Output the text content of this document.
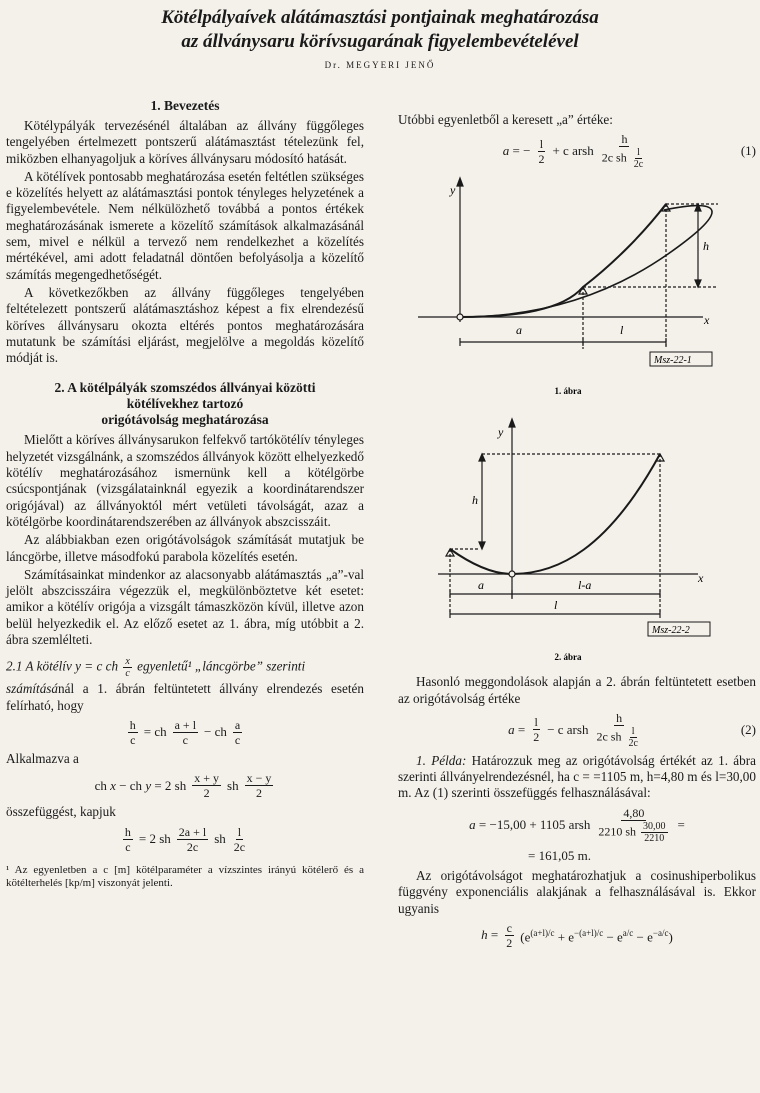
Kötélpályaívek alátámasztási pontjainak meghatározása
az állványsaru körívsugarának figyelembevételével
Dr. MEGYERI JENŐ
1. Bevezetés

Kötélypályák tervezésénél általában az állvány függőleges tengelyében értelmezett pontszerű alátámasztást tételezünk fel, miközben elhanyagoljuk a köríves állványsaru módosító hatását.

A kötélívek pontosabb meghatározása esetén feltétlen szükséges e közelítés helyett az alátámasztási pontok tényleges helyzetének a figyelembevétele. Nem nélkülözhető továbbá a pontos értékek meghatározásának ismerete a közelítő számítások alkalmazásánál sem, mivel e nélkül a tervező nem rendelkezhet a közelítés mértékével, ami adott feladatnál döntően befolyásolja a közelítő számítás megengedhetőségét.

A következőkben az állvány függőleges tengelyében feltételezett pontszerű alátámasztáshoz képest a fix elrendezésű köríves állványsaru okozta eltérés pontos meghatározására mutatunk be számítási eljárást, megjelölve a megoldás közelítő módját is.

2. A kötélpályák szomszédos állványai közötti
kötélívekhez tartozó
origótávolság meghatározása

Mielőtt a köríves állványsarukon felfekvő tartókötélív tényleges helyzetét vizsgálnánk, a szomszédos állványok között elhelyezkedő kötélív meghatározásához ismernünk kell a kötélgörbe csúcspontjának (vizsgálatainknál egyezik a koordinátarendszer origójával) az állványoktól mért vetületi távolságát, azaz a kötélgörbe koordinátarendszerében az állványok abszcisszáit.

Az alábbiakban ezen origótávolságok számítását mutatjuk be láncgörbe, illetve másodfokú parabola közelítés esetén.

Számításainkat mindenkor az alacsonyabb alátámasztás „a”-val jelölt abszcisszáira végezzük el, megkülönböztetve két esetet: amikor a kötélív origója a vizsgált támaszközön kívül, illetve azon belül helyezkedik el. Az előző esetet az 1. ábra, míg utóbbit a 2. ábra szemlélteti.

2.1 A kötélív y = c ch $\frac{x}{c}$ egyenletű¹ „láncgörbe” szerinti

számításánál a 1. ábrán feltüntetett állvány elrendezés esetén felírható, hogy

$\frac{h}{c}$ = ch $\frac{a + l}{c}$ − ch $\frac{a}{c}$

Alkalmazva a

ch x − ch y = 2 sh $\frac{x + y}{2}$ sh $\frac{x - y}{2}$

összefüggést, kapjuk

$\frac{h}{c} = 2$ sh $\frac{2a + l}{2c}$ sh $\frac{l}{2c}$
¹ Az egyenletben a c [m] kötélparaméter a vízszintes irányú kötélerő és a kötélterhelés [kp/m] viszonyát jelenti.

Utóbbi egyenletből a keresett „a” értéke:

a = − $\frac{l}{2} + c$ arsh $\frac{h}{2c sh \frac{l}{2c}}$	(1)
y
x
h
a	l
Msz-22-1
1. ábra
y
x
h
a	l-a
l
Msz-22-2
2. ábra

Hasonló meggondolások alapján a 2. ábrán feltüntetett esetben az origótávolság értéke

$a = \frac{l}{2} - c$ arsh $\frac{h}{2c sh \frac{l}{2c}}$	(2)

1. Példa: Határozzuk meg az origótávolság értékét az 1. ábra szerinti állványelrendezésnél, ha c = =1105 m, h=4,80 m és l=30,00 m. Az (1) szerinti összefüggés felhasználásával:

a = −15,00 + 1105 arsh $\frac{4,80}{2210 sh \frac{30,00}{2210}}$ =
= 161,05 m.

Az origótávolságot meghatározhatjuk a cosinushiperbolikus függvény exponenciális alakjának a felhasználásával is. Ekkor ugyanis

$h = \frac{c}{2} (e^{(a+l)/c} + e^{-(a+l)/c} - e^{a/c} - e^{-a/c})$
